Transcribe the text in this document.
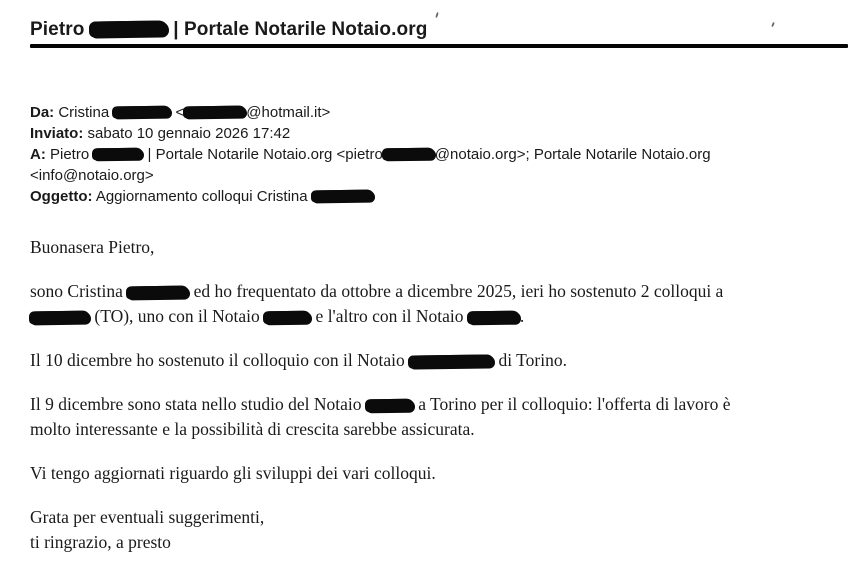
Pietro	| Portale Notarile Notaio.org
Da: Cristina	<	@hotmail.it>
Inviato: sabato 10 gennaio 2026 17:42
A: Pietro	| Portale Notarile Notaio.org <pietro	@notaio.org>; Portale Notarile Notaio.org
<info@notaio.org>
Oggetto: Aggiornamento colloqui Cristina
Buonasera Pietro,
sono Cristina	ed ho frequentato da ottobre a dicembre 2025, ieri ho sostenuto 2 colloqui a
(TO), uno con il Notaio	e l'altro con il Notaio	.
Il 10 dicembre ho sostenuto il colloquio con il Notaio	di Torino.
Il 9 dicembre sono stata nello studio del Notaio	a Torino per il colloquio: l'offerta di lavoro è
molto interessante e la possibilità di crescita sarebbe assicurata.
Vi tengo aggiornati riguardo gli sviluppi dei vari colloqui.
Grata per eventuali suggerimenti,
ti ringrazio, a presto
